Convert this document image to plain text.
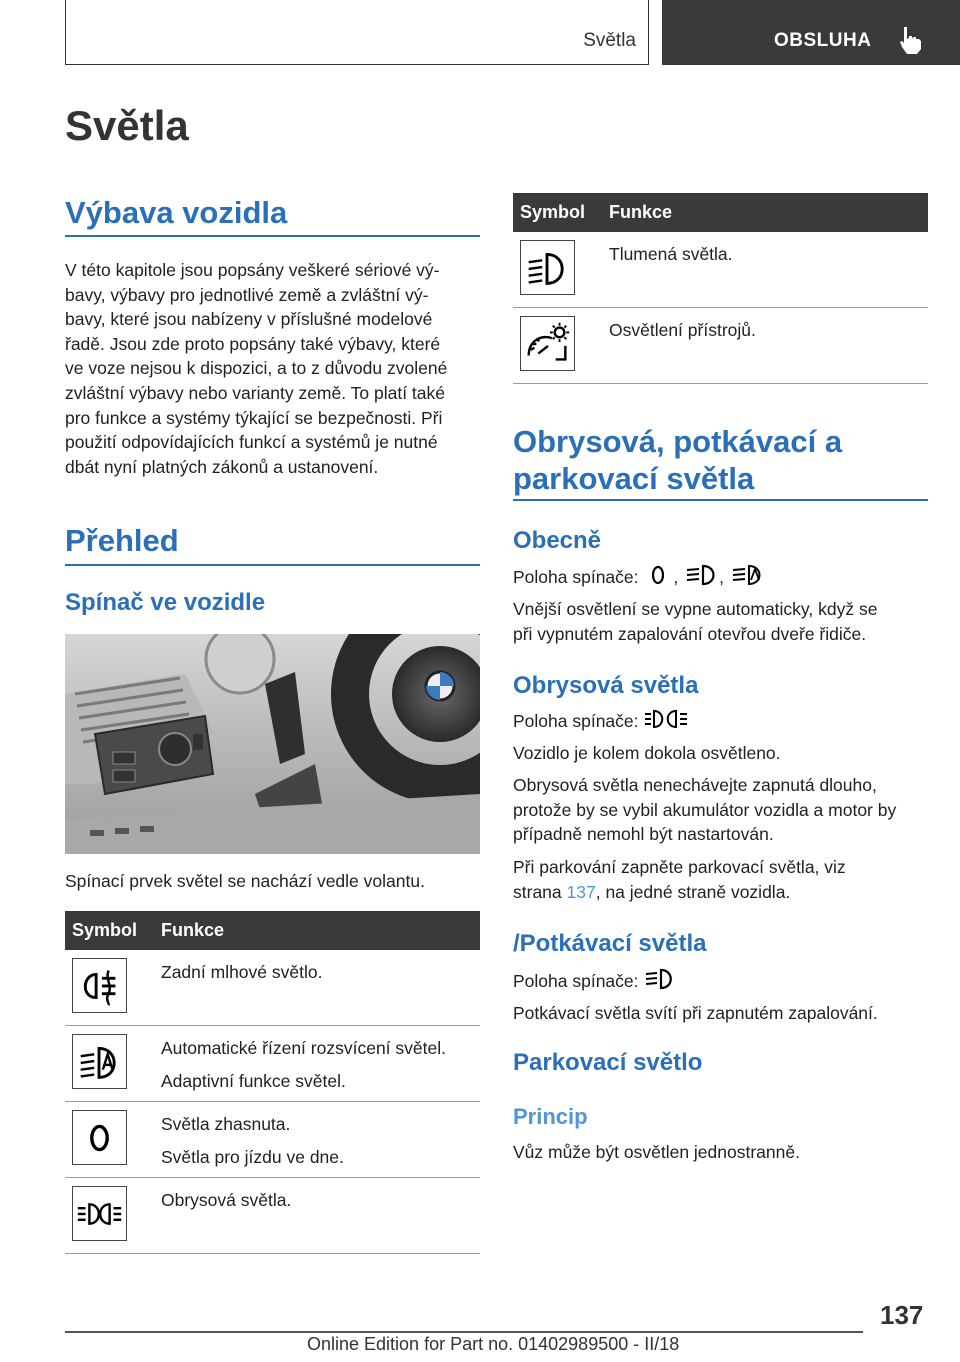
Světla	OBSLUHA
Světla
Výbava vozidla
V této kapitole jsou popsány veškeré sériové vý-
bavy, výbavy pro jednotlivé země a zvláštní vý-
bavy, které jsou nabízeny v příslušné modelové
řadě. Jsou zde proto popsány také výbavy, které
ve voze nejsou k dispozici, a to z důvodu zvolené
zvláštní výbavy nebo varianty země. To platí také
pro funkce a systémy týkající se bezpečnosti. Při
použití odpovídajících funkcí a systémů je nutné
dbát nyní platných zákonů a ustanovení.
Přehled
Spínač ve vozidle
Spínací prvek světel se nachází vedle volantu.
Symbol Funkce
Zadní mlhové světlo.
Automatické řízení rozsvícení světel.
Adaptivní funkce světel.
Světla zhasnuta.
Světla pro jízdu ve dne.
Obrysová světla.
Symbol Funkce
Tlumená světla.
Osvětlení přístrojů.
Obrysová, potkávací a
parkovací světla
Obecně
Poloha spínače: , ,
Vnější osvětlení se vypne automaticky, když se
při vypnutém zapalování otevřou dveře řidiče.
Obrysová světla
Poloha spínače:
Vozidlo je kolem dokola osvětleno.
Obrysová světla nenechávejte zapnutá dlouho,
protože by se vybil akumulátor vozidla a motor by
případně nemohl být nastartován.
Při parkování zapněte parkovací světla, viz
strana 137, na jedné straně vozidla.
/Potkávací světla
Poloha spínače:
Potkávací světla svítí při zapnutém zapalování.
Parkovací světlo
Princip
Vůz může být osvětlen jednostranně.
137
Online Edition for Part no. 01402989500 - II/18
